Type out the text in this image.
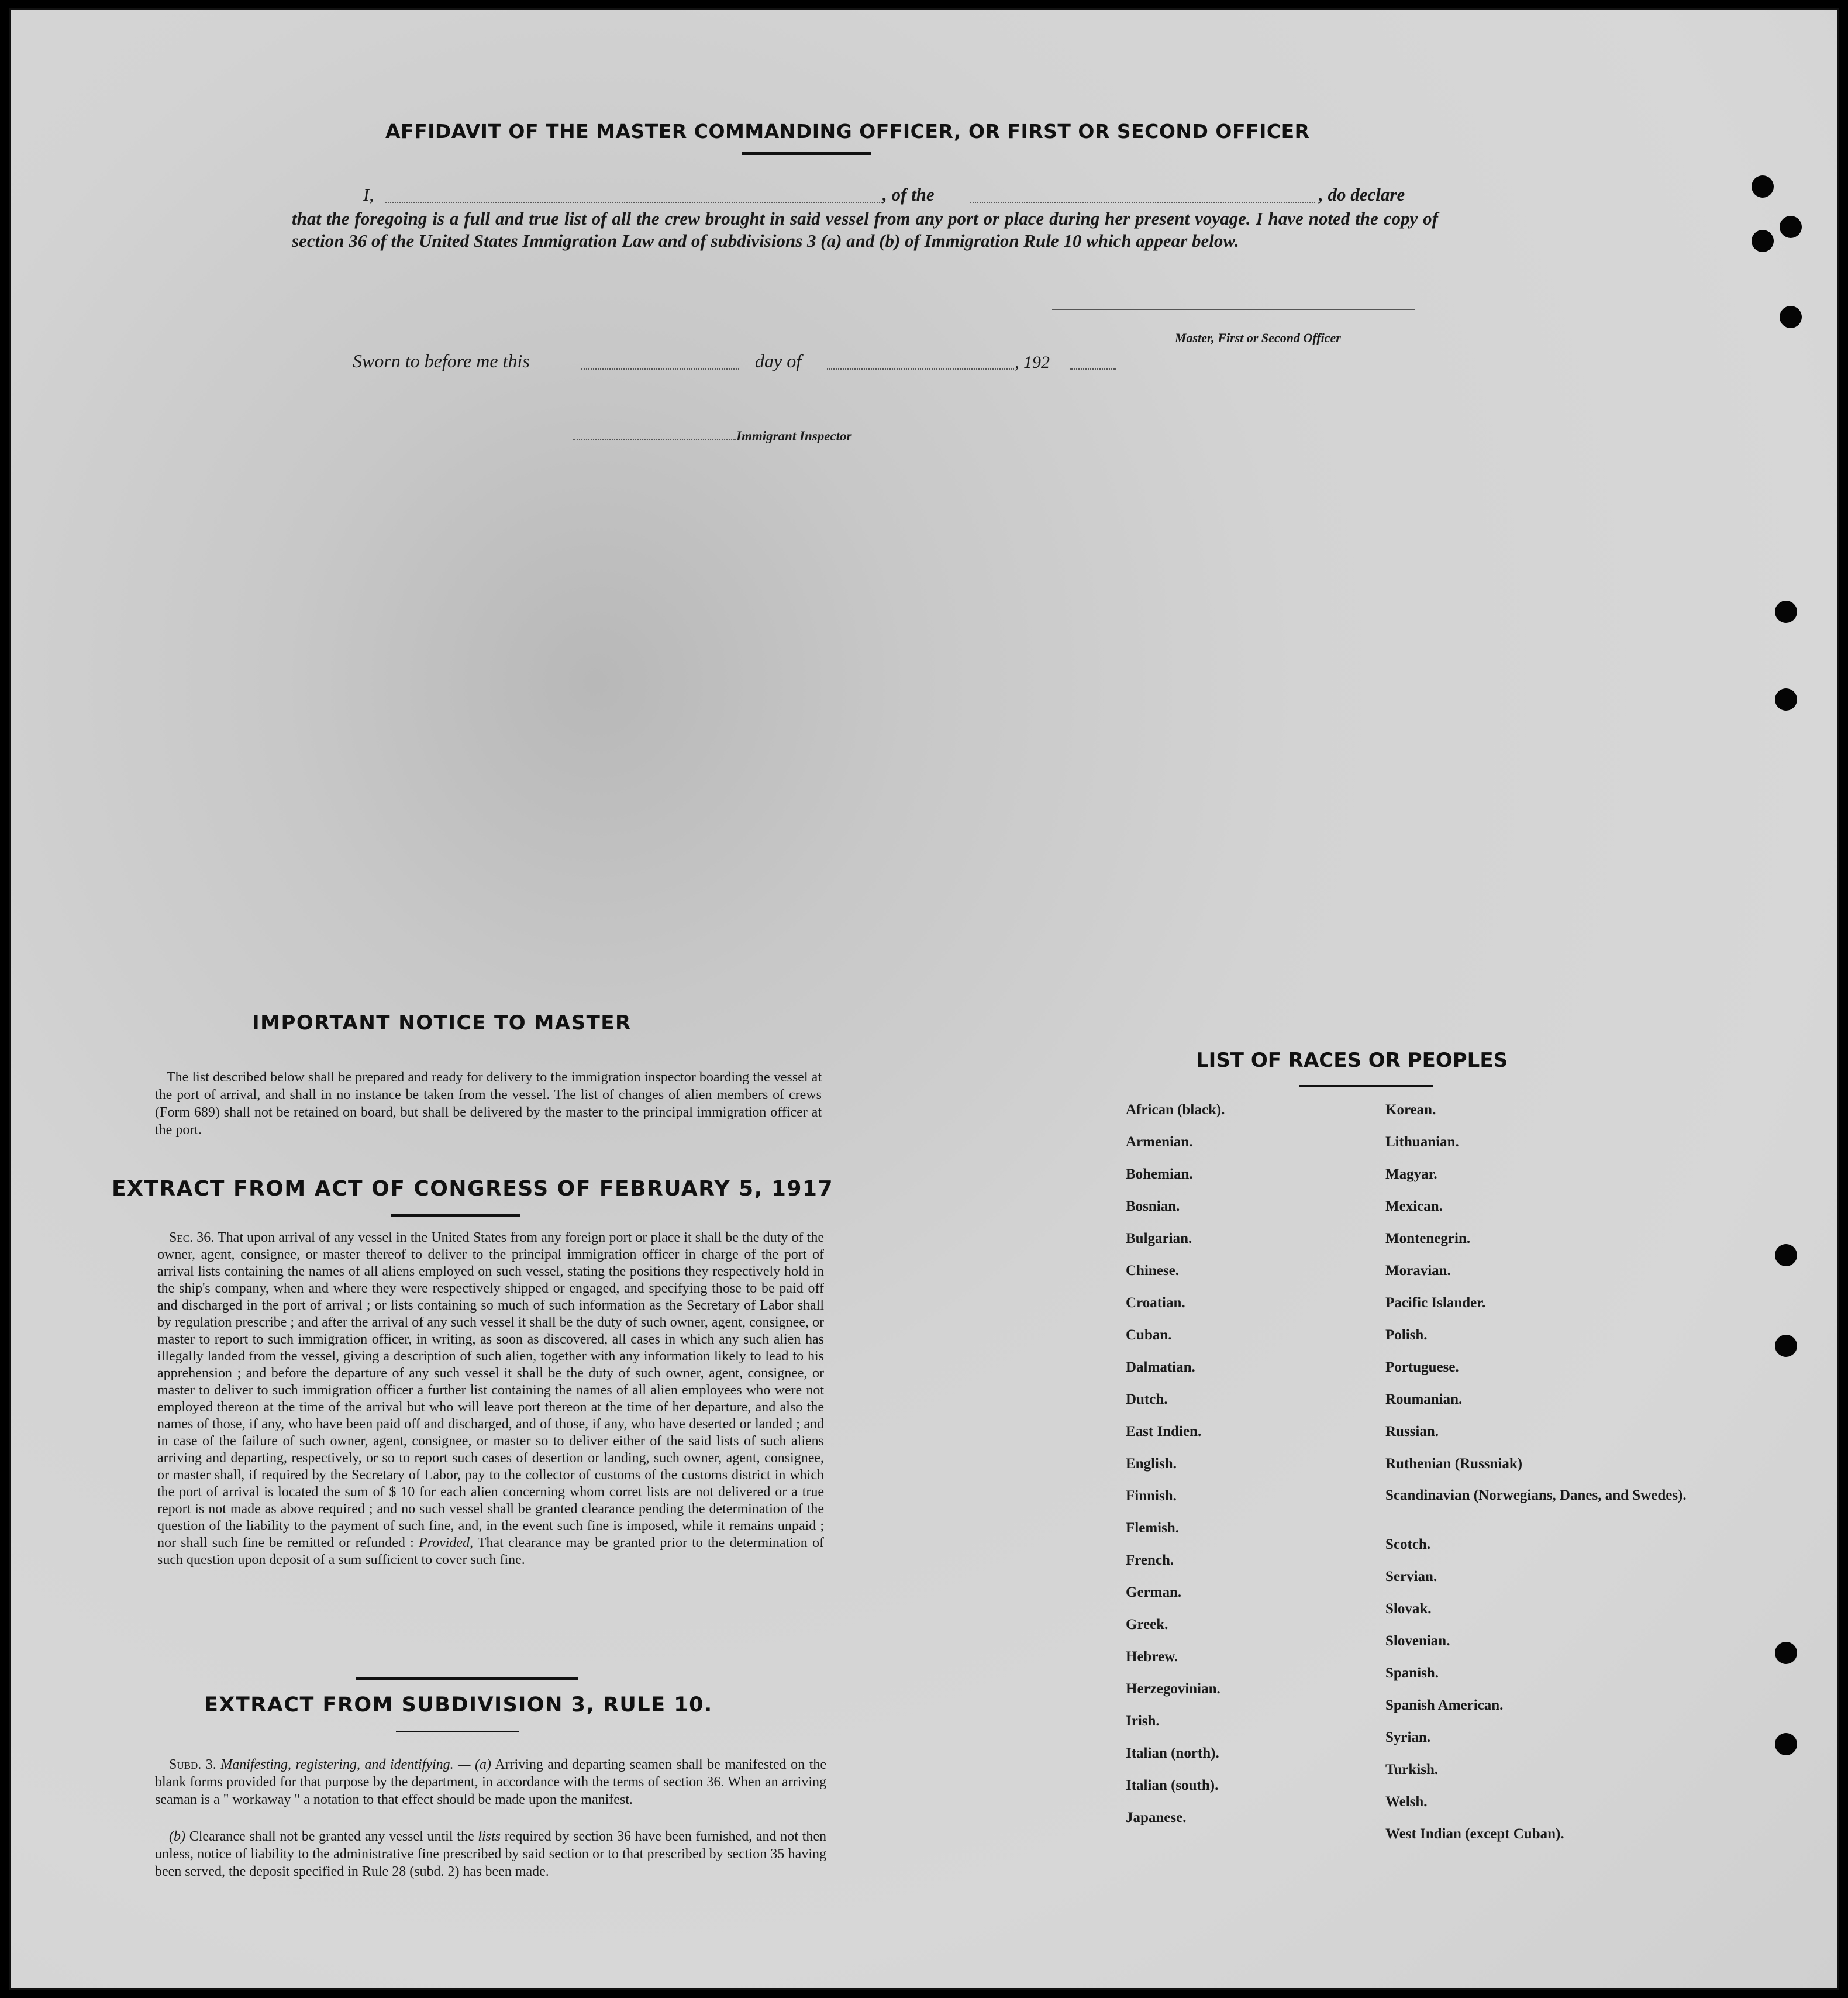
AFFIDAVIT OF THE MASTER COMMANDING OFFICER, OR FIRST OR SECOND OFFICER
I,	, of the	, do declare
that the foregoing is a full and true list of all the crew brought in said vessel from any port or place during her present voyage. I have noted the copy of section 36 of the United States Immigration Law and of subdivisions 3 (a) and (b) of Immigration Rule 10 which appear below.
Master, First or Second Officer
Sworn to before me this	day of	, 192
Immigrant Inspector
IMPORTANT NOTICE TO MASTER
The list described below shall be prepared and ready for delivery to the immigration inspector boarding the vessel at the port of arrival, and shall in no instance be taken from the vessel. The list of changes of alien members of crews (Form 689) shall not be retained on board, but shall be delivered by the master to the principal immigration officer at the port.
EXTRACT FROM ACT OF CONGRESS OF FEBRUARY 5, 1917
Sec. 36. That upon arrival of any vessel in the United States from any foreign port or place it shall be the duty of the owner, agent, consignee, or master thereof to deliver to the principal immigration officer in charge of the port of arrival lists containing the names of all aliens employed on such vessel, stating the positions they respectively hold in the ship's company, when and where they were respectively shipped or engaged, and specifying those to be paid off and discharged in the port of arrival ; or lists containing so much of such information as the Secretary of Labor shall by regulation prescribe ; and after the arrival of any such vessel it shall be the duty of such owner, agent, consignee, or master to report to such immigration officer, in writing, as soon as discovered, all cases in which any such alien has illegally landed from the vessel, giving a description of such alien, together with any information likely to lead to his apprehension ; and before the departure of any such vessel it shall be the duty of such owner, agent, consignee, or master to deliver to such immigration officer a further list containing the names of all alien employees who were not employed thereon at the time of the arrival but who will leave port thereon at the time of her departure, and also the names of those, if any, who have been paid off and discharged, and of those, if any, who have deserted or landed ; and in case of the failure of such owner, agent, consignee, or master so to deliver either of the said lists of such aliens arriving and departing, respectively, or so to report such cases of desertion or landing, such owner, agent, consignee, or master shall, if required by the Secretary of Labor, pay to the collector of customs of the customs district in which the port of arrival is located the sum of $ 10 for each alien concerning whom corret lists are not delivered or a true report is not made as above required ; and no such vessel shall be granted clearance pending the determination of the question of the liability to the payment of such fine, and, in the event such fine is imposed, while it remains unpaid ; nor shall such fine be remitted or refunded : Provided, That clearance may be granted prior to the determination of such question upon deposit of a sum sufficient to cover such fine.
EXTRACT FROM SUBDIVISION 3, RULE 10.
Subd. 3. Manifesting, registering, and identifying. — (a) Arriving and departing seamen shall be manifested on the blank forms provided for that purpose by the department, in accordance with the terms of section 36. When an arriving seaman is a " workaway " a notation to that effect should be made upon the manifest.
(b) Clearance shall not be granted any vessel until the lists required by section 36 have been furnished, and not then unless, notice of liability to the administrative fine prescribed by said section or to that prescribed by section 35 having been served, the deposit specified in Rule 28 (subd. 2) has been made.
LIST OF RACES OR PEOPLES
African (black).
Armenian.
Bohemian.
Bosnian.
Bulgarian.
Chinese.
Croatian.
Cuban.
Dalmatian.
Dutch.
East Indien.
English.
Finnish.
Flemish.
French.
German.
Greek.
Hebrew.
Herzegovinian.
Irish.
Italian (north).
Italian (south).
Japanese.
Korean.
Lithuanian.
Magyar.
Mexican.
Montenegrin.
Moravian.
Pacific Islander.
Polish.
Portuguese.
Roumanian.
Russian.
Ruthenian (Russniak)
Scandinavian (Norwegians, Danes, and Swedes).
Scotch.
Servian.
Slovak.
Slovenian.
Spanish.
Spanish American.
Syrian.
Turkish.
Welsh.
West Indian (except Cuban).
